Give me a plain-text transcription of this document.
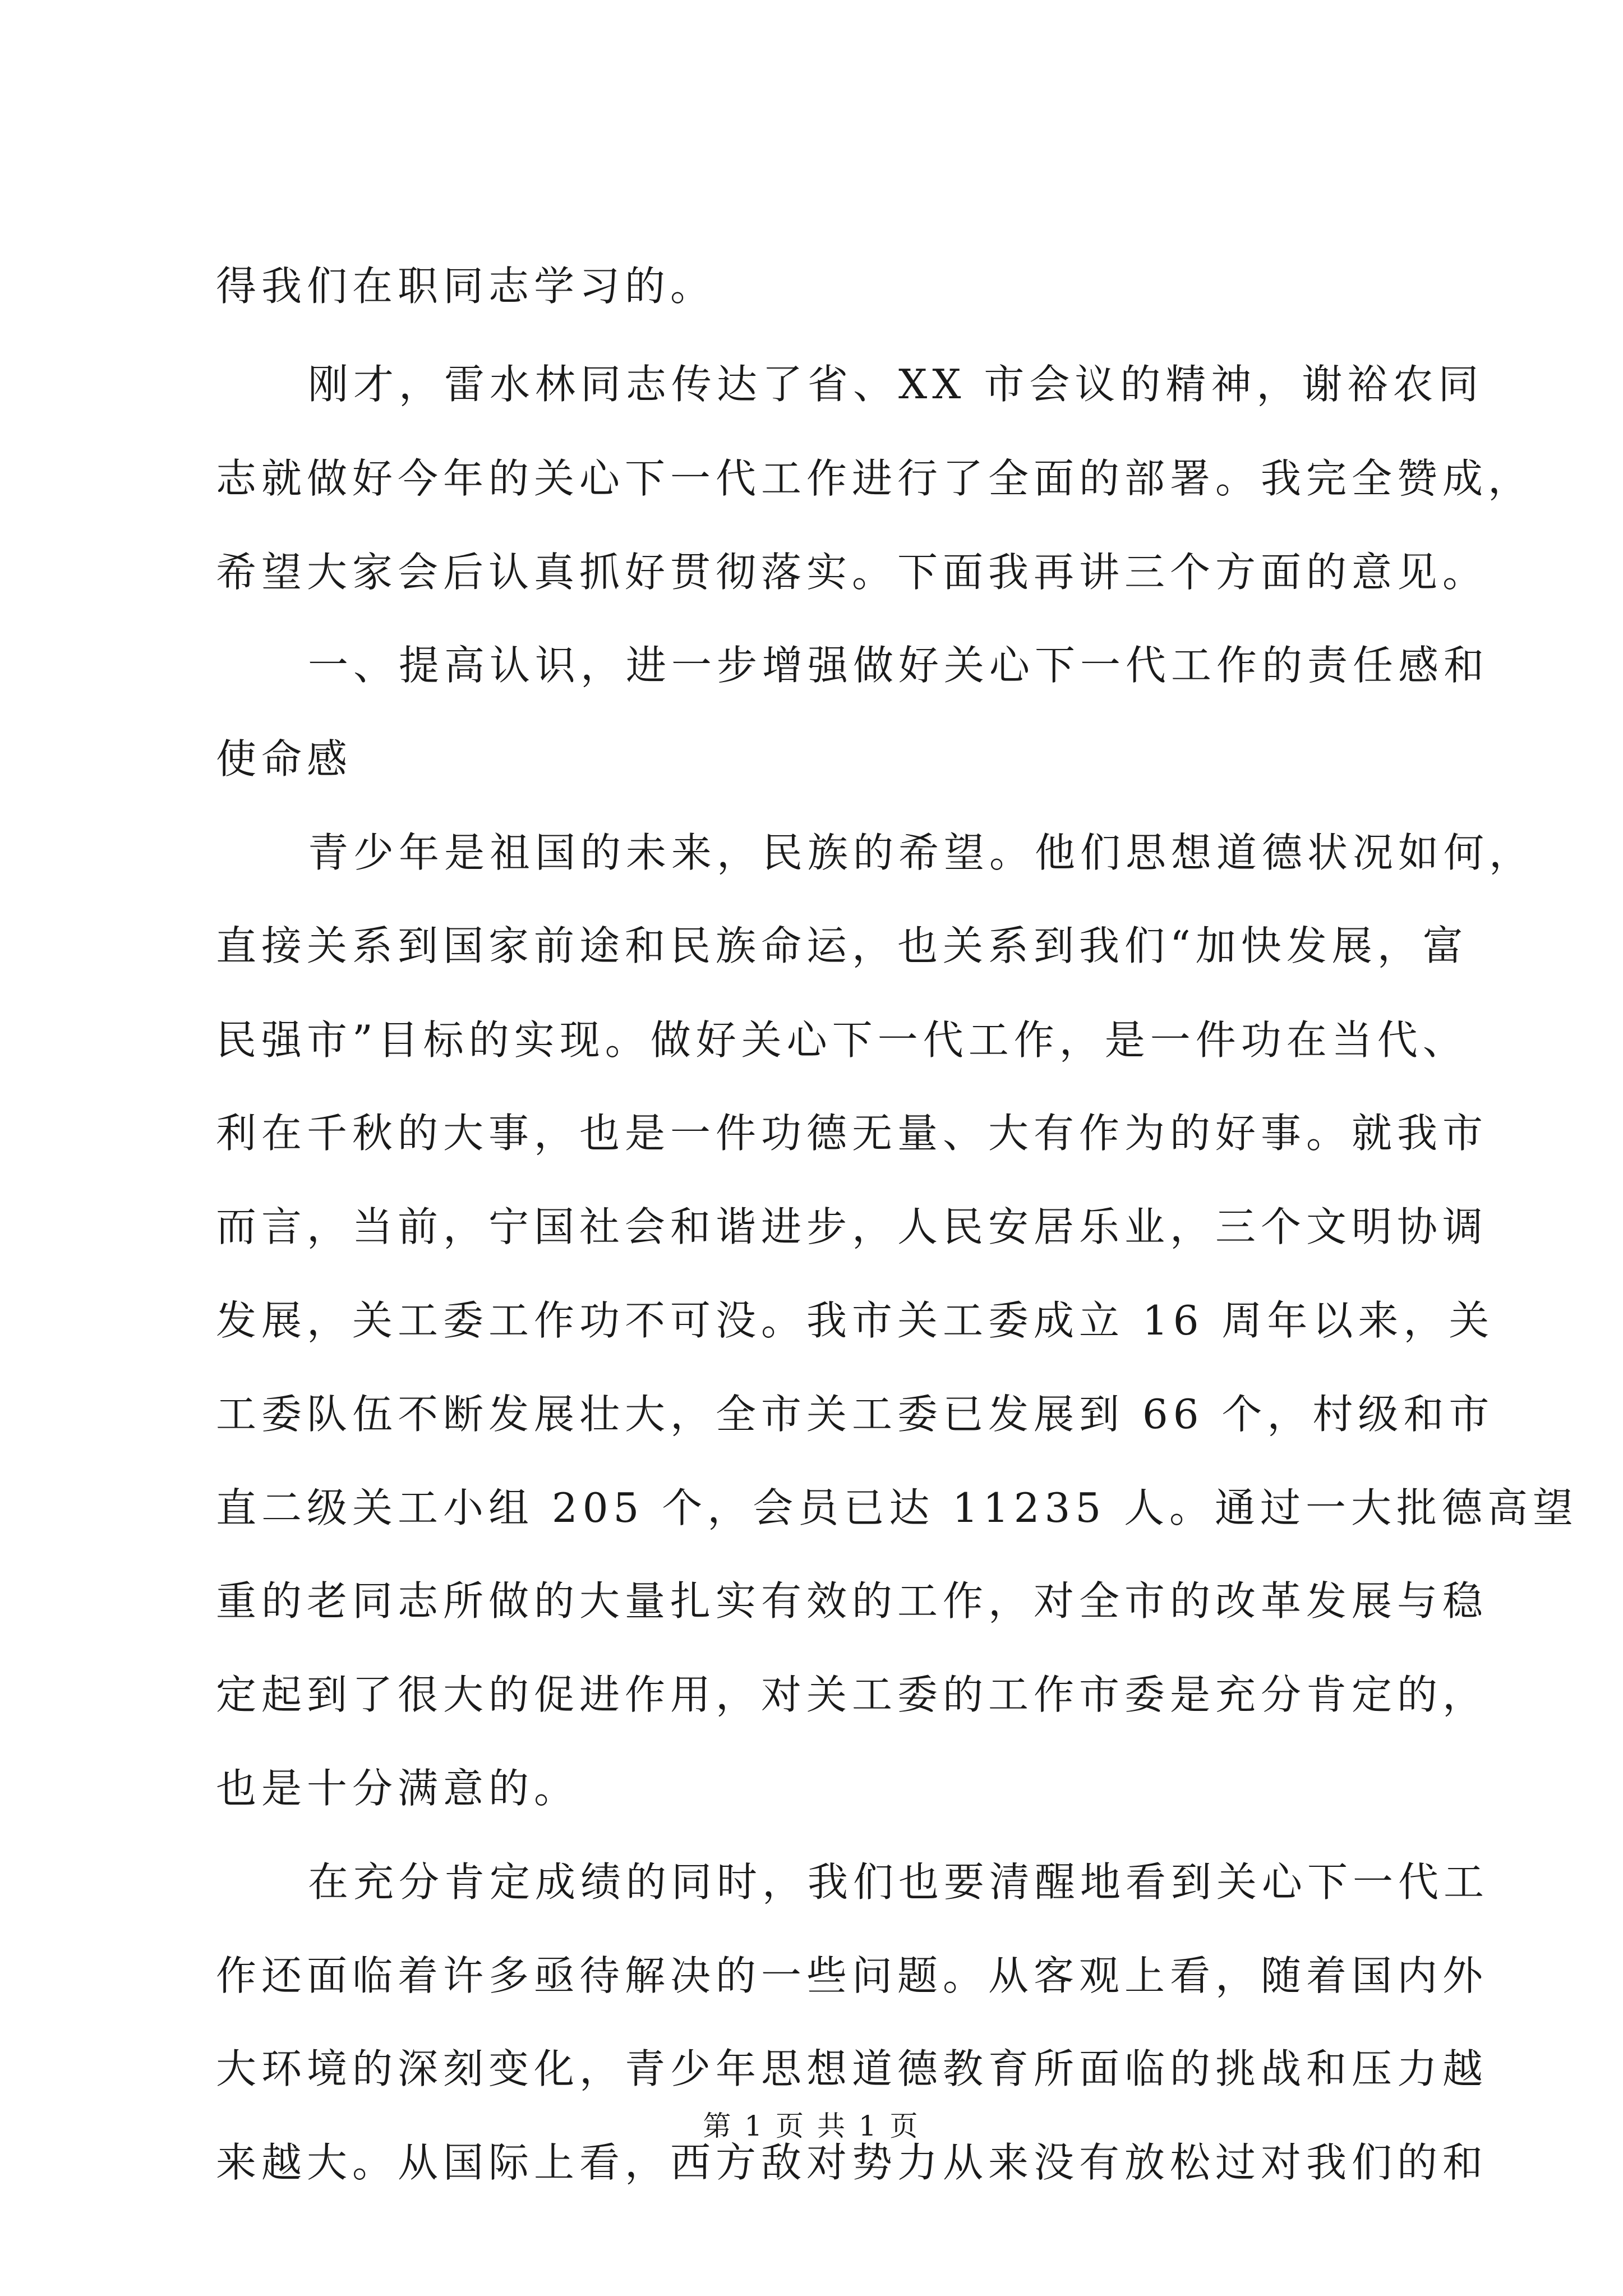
得我们在职同志学习的。
刚才，雷水林同志传达了省、XX 市会议的精神，谢裕农同
志就做好今年的关心下一代工作进行了全面的部署。我完全赞成，
希望大家会后认真抓好贯彻落实。下面我再讲三个方面的意见。
一、提高认识，进一步增强做好关心下一代工作的责任感和
使命感
青少年是祖国的未来，民族的希望。他们思想道德状况如何，
直接关系到国家前途和民族命运，也关系到我们“加快发展，富
民强市”目标的实现。做好关心下一代工作，是一件功在当代、
利在千秋的大事，也是一件功德无量、大有作为的好事。就我市
而言，当前，宁国社会和谐进步，人民安居乐业，三个文明协调
发展，关工委工作功不可没。我市关工委成立 16 周年以来，关
工委队伍不断发展壮大，全市关工委已发展到 66 个，村级和市
直二级关工小组 205 个，会员已达 11235 人。通过一大批德高望
重的老同志所做的大量扎实有效的工作，对全市的改革发展与稳
定起到了很大的促进作用，对关工委的工作市委是充分肯定的，
也是十分满意的。
在充分肯定成绩的同时，我们也要清醒地看到关心下一代工
作还面临着许多亟待解决的一些问题。从客观上看，随着国内外
大环境的深刻变化，青少年思想道德教育所面临的挑战和压力越
来越大。从国际上看，西方敌对势力从来没有放松过对我们的和
第 1 页 共 1 页
